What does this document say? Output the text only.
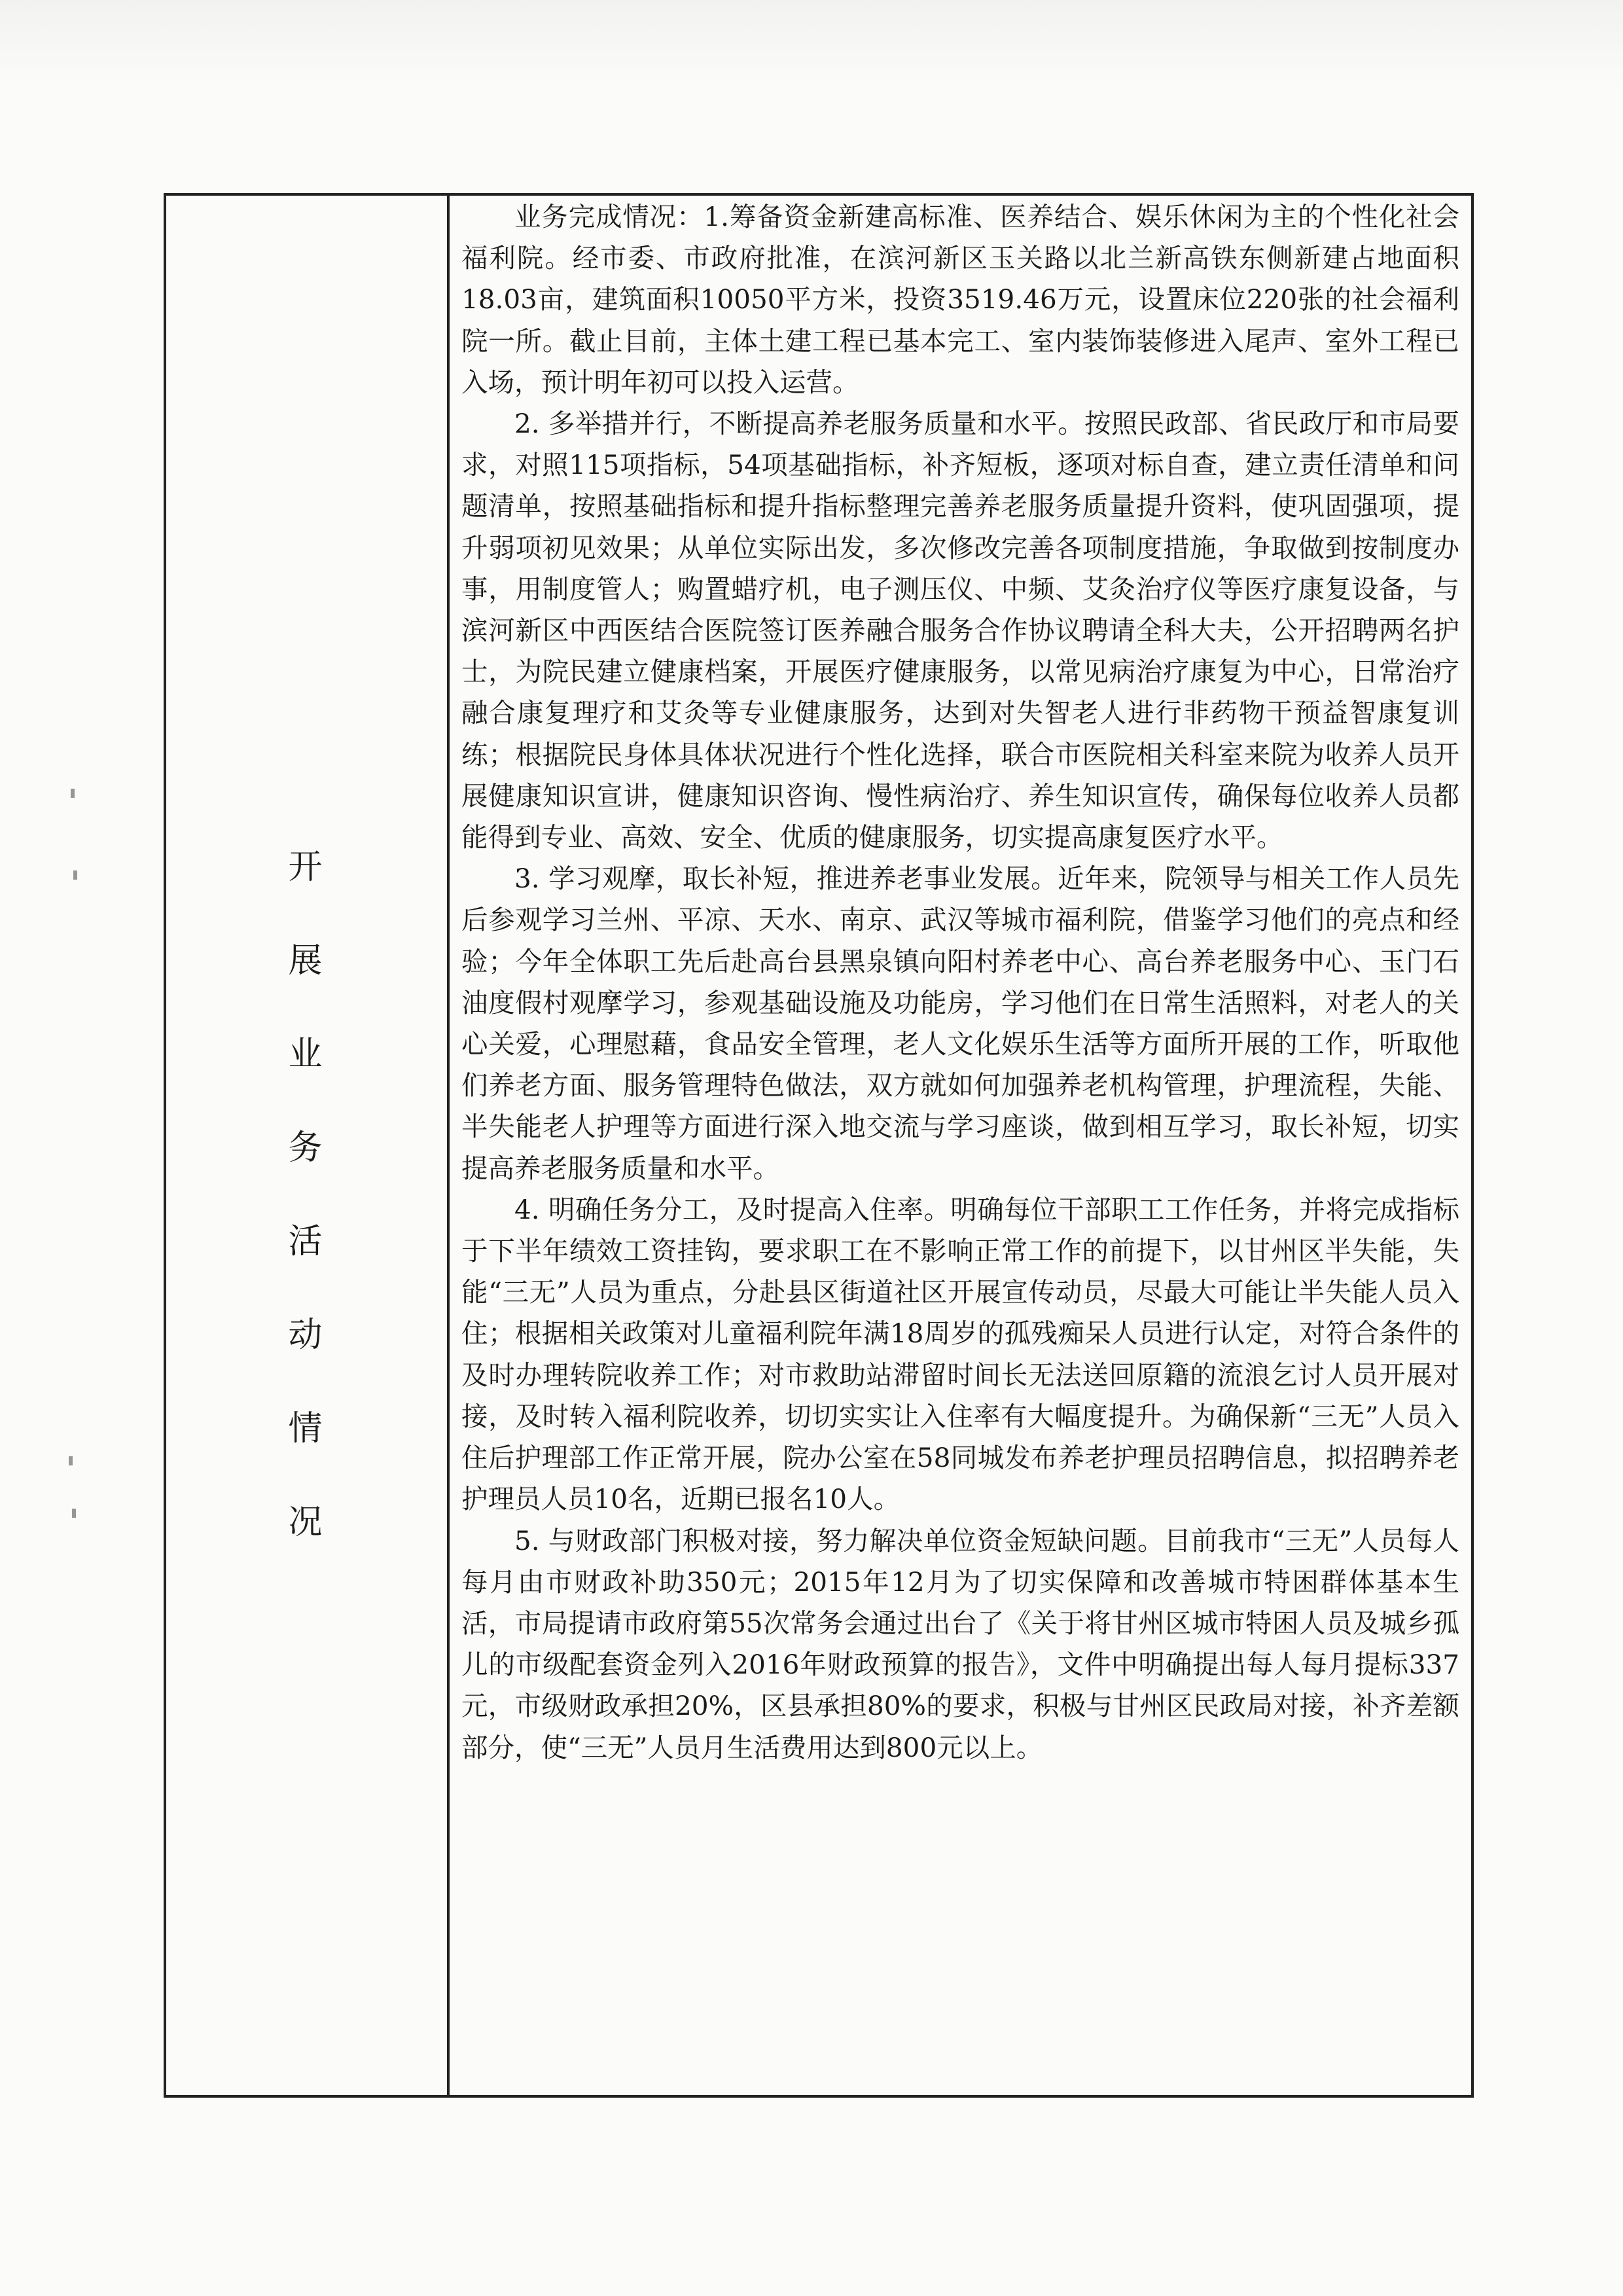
开
展
业
务
活
动
情
况

业务完成情况：1.筹备资金新建高标准、医养结合、娱乐休闲为主的个性化社会福利院。经市委、市政府批准，在滨河新区玉关路以北兰新高铁东侧新建占地面积18.03亩，建筑面积10050平方米，投资3519.46万元，设置床位220张的社会福利院一所。截止目前，主体土建工程已基本完工、室内装饰装修进入尾声、室外工程已入场，预计明年初可以投入运营。

2. 多举措并行，不断提高养老服务质量和水平。按照民政部、省民政厅和市局要求，对照115项指标，54项基础指标，补齐短板，逐项对标自查，建立责任清单和问题清单，按照基础指标和提升指标整理完善养老服务质量提升资料，使巩固强项，提升弱项初见效果；从单位实际出发，多次修改完善各项制度措施，争取做到按制度办事，用制度管人；购置蜡疗机，电子测压仪、中频、艾灸治疗仪等医疗康复设备，与滨河新区中西医结合医院签订医养融合服务合作协议聘请全科大夫，公开招聘两名护士，为院民建立健康档案，开展医疗健康服务，以常见病治疗康复为中心，日常治疗融合康复理疗和艾灸等专业健康服务，达到对失智老人进行非药物干预益智康复训练；根据院民身体具体状况进行个性化选择，联合市医院相关科室来院为收养人员开展健康知识宣讲，健康知识咨询、慢性病治疗、养生知识宣传，确保每位收养人员都能得到专业、高效、安全、优质的健康服务，切实提高康复医疗水平。

3. 学习观摩，取长补短，推进养老事业发展。近年来，院领导与相关工作人员先后参观学习兰州、平凉、天水、南京、武汉等城市福利院，借鉴学习他们的亮点和经验；今年全体职工先后赴高台县黑泉镇向阳村养老中心、高台养老服务中心、玉门石油度假村观摩学习，参观基础设施及功能房，学习他们在日常生活照料，对老人的关心关爱，心理慰藉，食品安全管理，老人文化娱乐生活等方面所开展的工作，听取他们养老方面、服务管理特色做法，双方就如何加强养老机构管理，护理流程，失能、半失能老人护理等方面进行深入地交流与学习座谈，做到相互学习，取长补短，切实提高养老服务质量和水平。

4. 明确任务分工，及时提高入住率。明确每位干部职工工作任务，并将完成指标于下半年绩效工资挂钩，要求职工在不影响正常工作的前提下，以甘州区半失能，失能“三无”人员为重点，分赴县区街道社区开展宣传动员，尽最大可能让半失能人员入住；根据相关政策对儿童福利院年满18周岁的孤残痴呆人员进行认定，对符合条件的及时办理转院收养工作；对市救助站滞留时间长无法送回原籍的流浪乞讨人员开展对接，及时转入福利院收养，切切实实让入住率有大幅度提升。为确保新“三无”人员入住后护理部工作正常开展，院办公室在58同城发布养老护理员招聘信息，拟招聘养老护理员人员10名，近期已报名10人。

5. 与财政部门积极对接，努力解决单位资金短缺问题。目前我市“三无”人员每人每月由市财政补助350元；2015年12月为了切实保障和改善城市特困群体基本生活，市局提请市政府第55次常务会通过出台了《关于将甘州区城市特困人员及城乡孤儿的市级配套资金列入2016年财政预算的报告》，文件中明确提出每人每月提标337元，市级财政承担20%，区县承担80%的要求，积极与甘州区民政局对接，补齐差额部分，使“三无”人员月生活费用达到800元以上。
